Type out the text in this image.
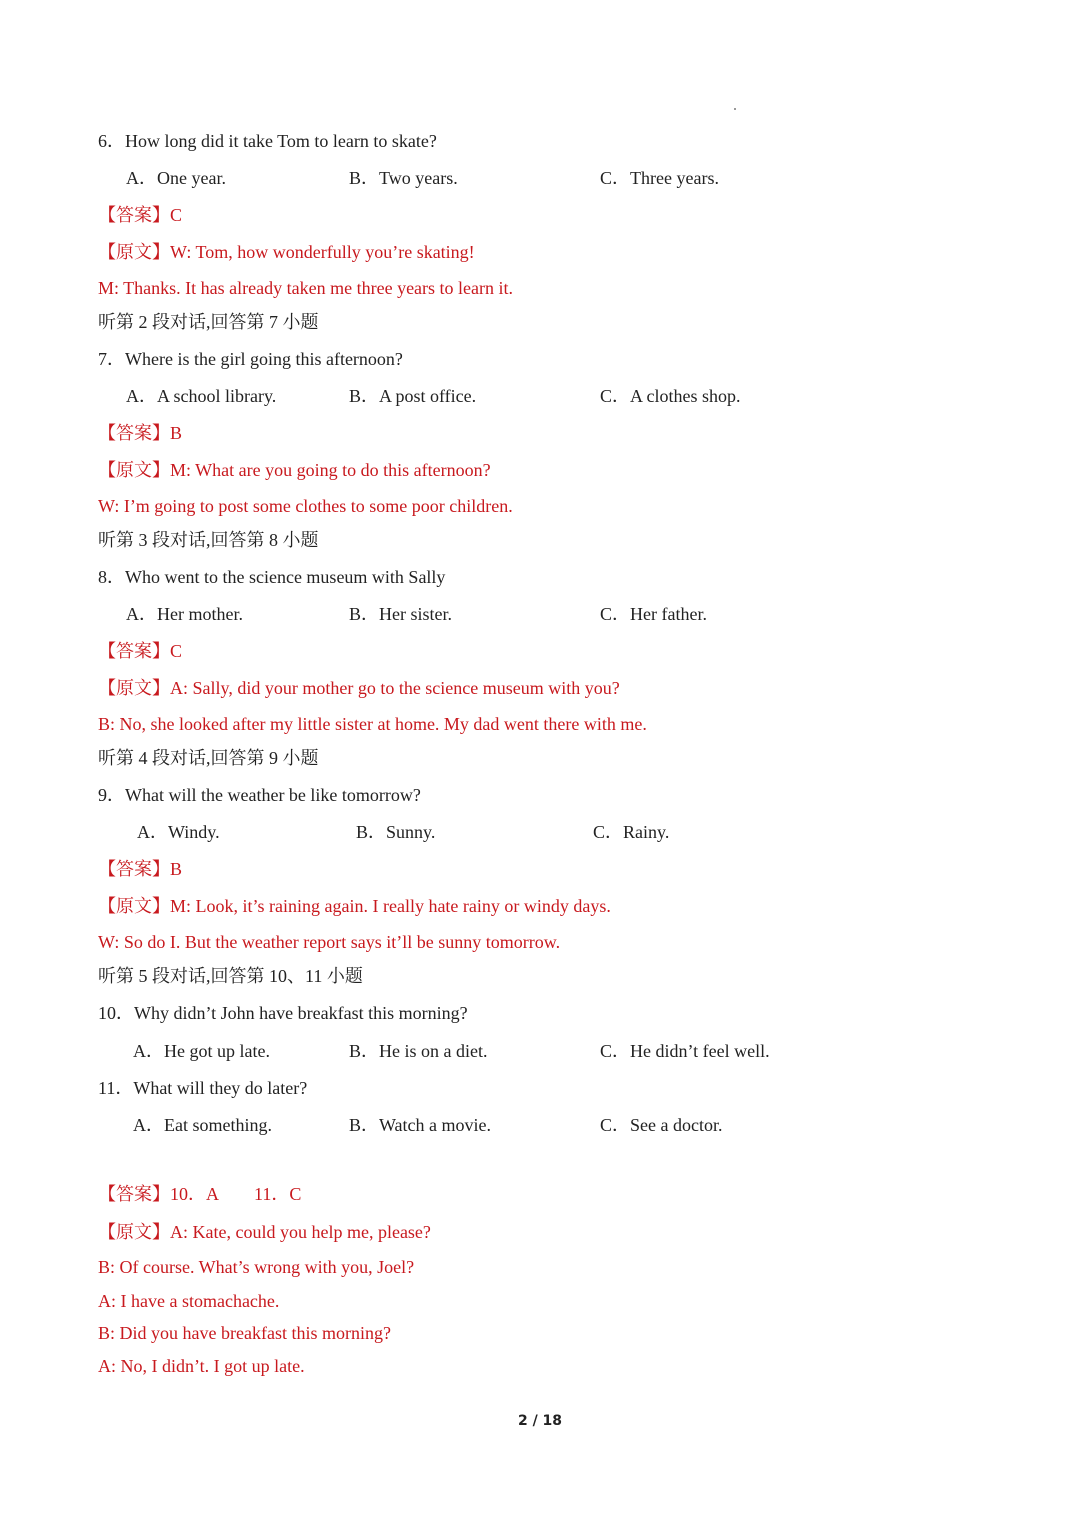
6．How long did it take Tom to learn to skate?
A．One year.	B．Two years.	C．Three years.
【答案】C
【原文】W: Tom, how wonderfully you’re skating!
M: Thanks. It has already taken me three years to learn it.
听第 2 段对话,回答第 7 小题
7．Where is the girl going this afternoon?
A．A school library.	B．A post office.	C．A clothes shop.
【答案】B
【原文】M: What are you going to do this afternoon?
W: I’m going to post some clothes to some poor children.
听第 3 段对话,回答第 8 小题
8．Who went to the science museum with Sally
A．Her mother.	B．Her sister.	C．Her father.
【答案】C
【原文】A: Sally, did your mother go to the science museum with you?
B: No, she looked after my little sister at home. My dad went there with me.
听第 4 段对话,回答第 9 小题
9．What will the weather be like tomorrow?
A．Windy.	B．Sunny.	C．Rainy.
【答案】B
【原文】M: Look, it’s raining again. I really hate rainy or windy days.
W: So do I. But the weather report says it’ll be sunny tomorrow.
听第 5 段对话,回答第 10、11 小题
10．Why didn’t John have breakfast this morning?
A．He got up late.	B．He is on a diet.	C．He didn’t feel well.
11．What will they do later?
A．Eat something.	B．Watch a movie.	C．See a doctor.
【答案】10．A        11．C
【原文】A: Kate, could you help me, please?
B: Of course. What’s wrong with you, Joel?
A: I have a stomachache.
B: Did you have breakfast this morning?
A: No, I didn’t. I got up late.
2 / 18
